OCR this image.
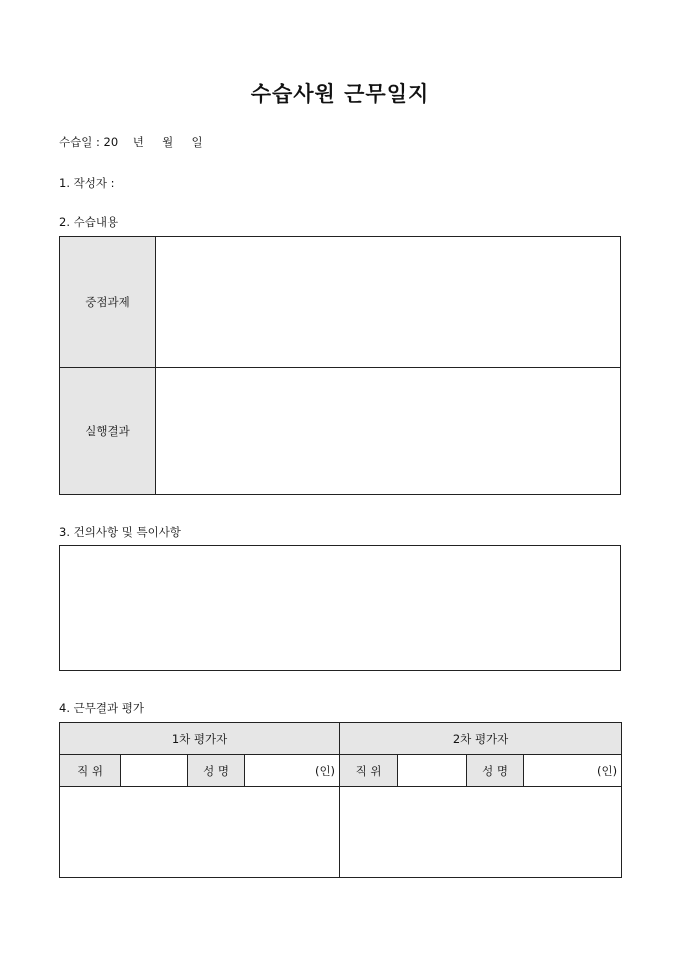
수습사원 근무일지
수습일 : 20    년     월     일
1. 작성자 :
2. 수습내용
중점과제
실행결과
3. 건의사항 및 특이사항
4. 근무결과 평가
1차 평가자				2차 평가자			
직 위		성 명	(인)	직 위		성 명	(인)
